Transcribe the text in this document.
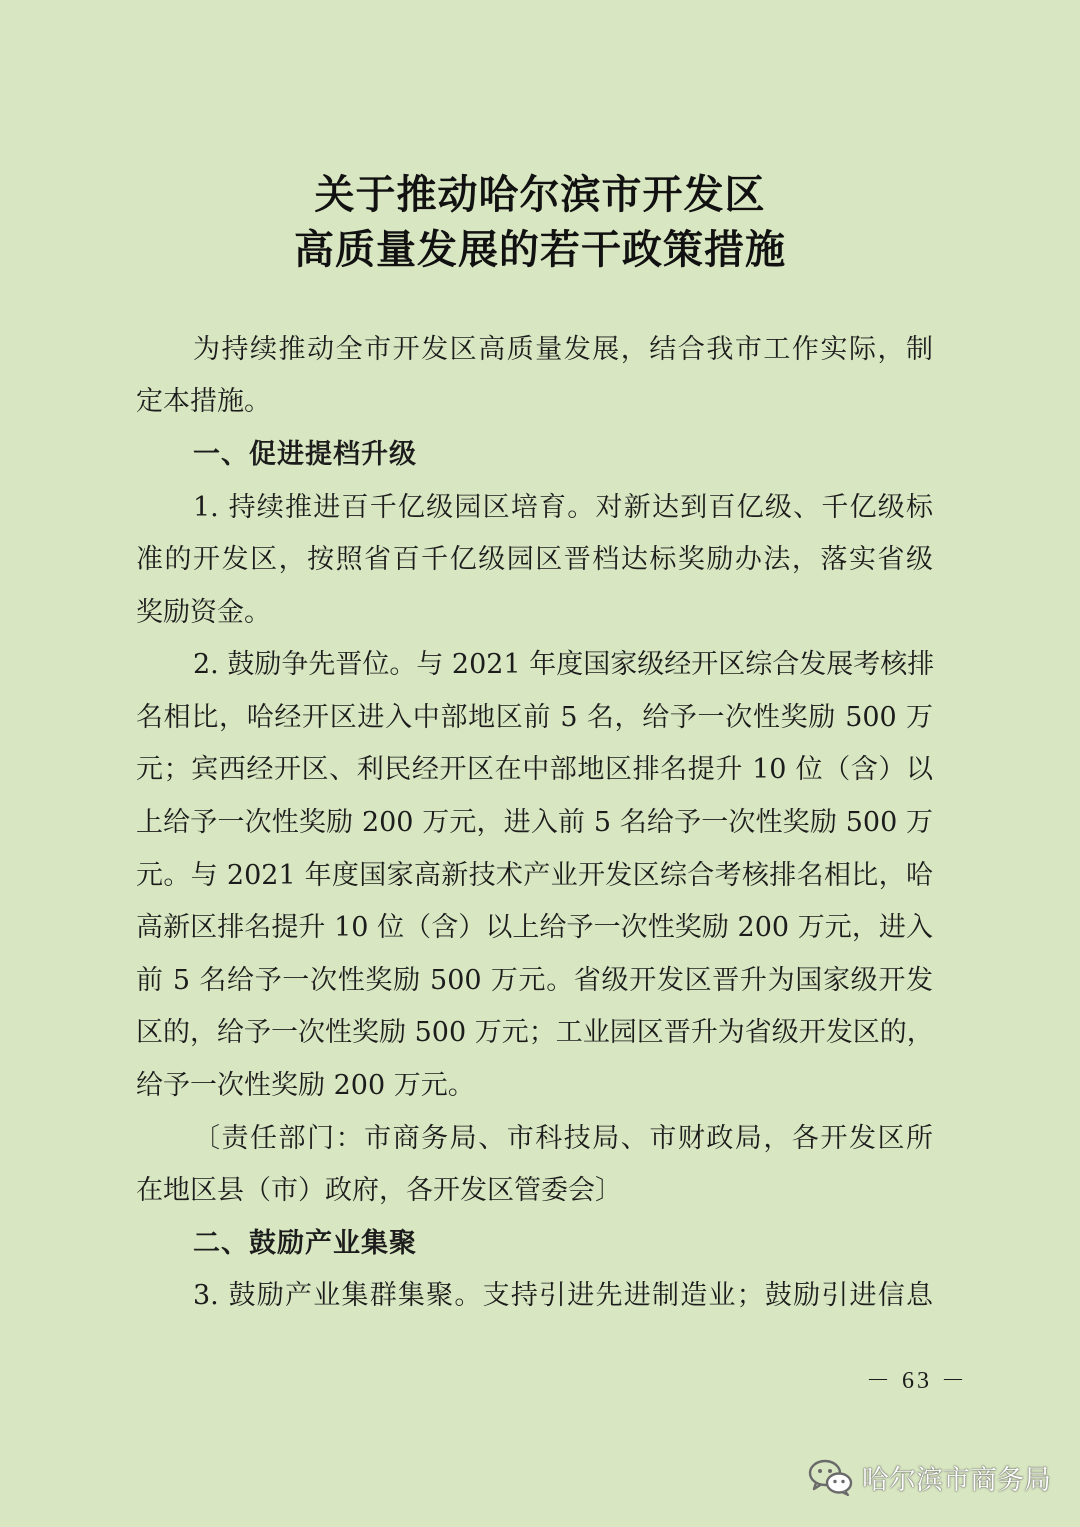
关于推动哈尔滨市开发区
高质量发展的若干政策措施
为持续推动全市开发区高质量发展，结合我市工作实际，制
定本措施。
一、促进提档升级
1. 持续推进百千亿级园区培育。对新达到百亿级、千亿级标
准的开发区，按照省百千亿级园区晋档达标奖励办法，落实省级
奖励资金。
2. 鼓励争先晋位。与 2021 年度国家级经开区综合发展考核排
名相比，哈经开区进入中部地区前 5 名，给予一次性奖励 500 万
元；宾西经开区、利民经开区在中部地区排名提升 10 位（含）以
上给予一次性奖励 200 万元，进入前 5 名给予一次性奖励 500 万
元。与 2021 年度国家高新技术产业开发区综合考核排名相比，哈
高新区排名提升 10 位（含）以上给予一次性奖励 200 万元，进入
前 5 名给予一次性奖励 500 万元。省级开发区晋升为国家级开发
区的，给予一次性奖励 500 万元；工业园区晋升为省级开发区的，
给予一次性奖励 200 万元。
〔责任部门：市商务局、市科技局、市财政局，各开发区所
在地区县（市）政府，各开发区管委会〕
二、鼓励产业集聚
3. 鼓励产业集群集聚。支持引进先进制造业；鼓励引进信息
－ 63 －
哈尔滨市商务局
